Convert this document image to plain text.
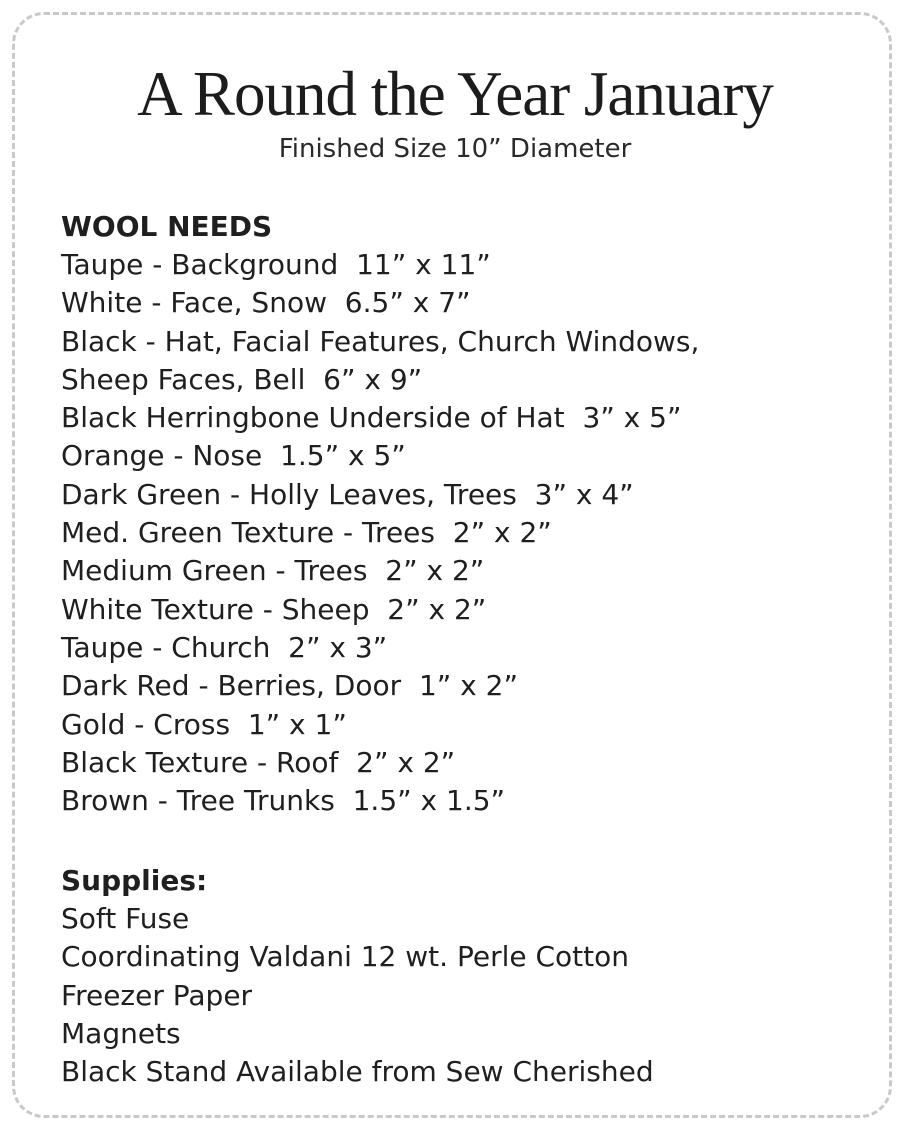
A Round the Year January
Finished Size 10” Diameter
WOOL NEEDS
Taupe - Background  11” x 11”
White - Face, Snow  6.5” x 7”
Black - Hat, Facial Features, Church Windows,
Sheep Faces, Bell  6” x 9”
Black Herringbone Underside of Hat  3” x 5”
Orange - Nose  1.5” x 5”
Dark Green - Holly Leaves, Trees  3” x 4”
Med. Green Texture - Trees  2” x 2”
Medium Green - Trees  2” x 2”
White Texture - Sheep  2” x 2”
Taupe - Church  2” x 3”
Dark Red - Berries, Door  1” x 2”
Gold - Cross  1” x 1”
Black Texture - Roof  2” x 2”
Brown - Tree Trunks  1.5” x 1.5”
Supplies:
Soft Fuse
Coordinating Valdani 12 wt. Perle Cotton
Freezer Paper
Magnets
Black Stand Available from Sew Cherished
